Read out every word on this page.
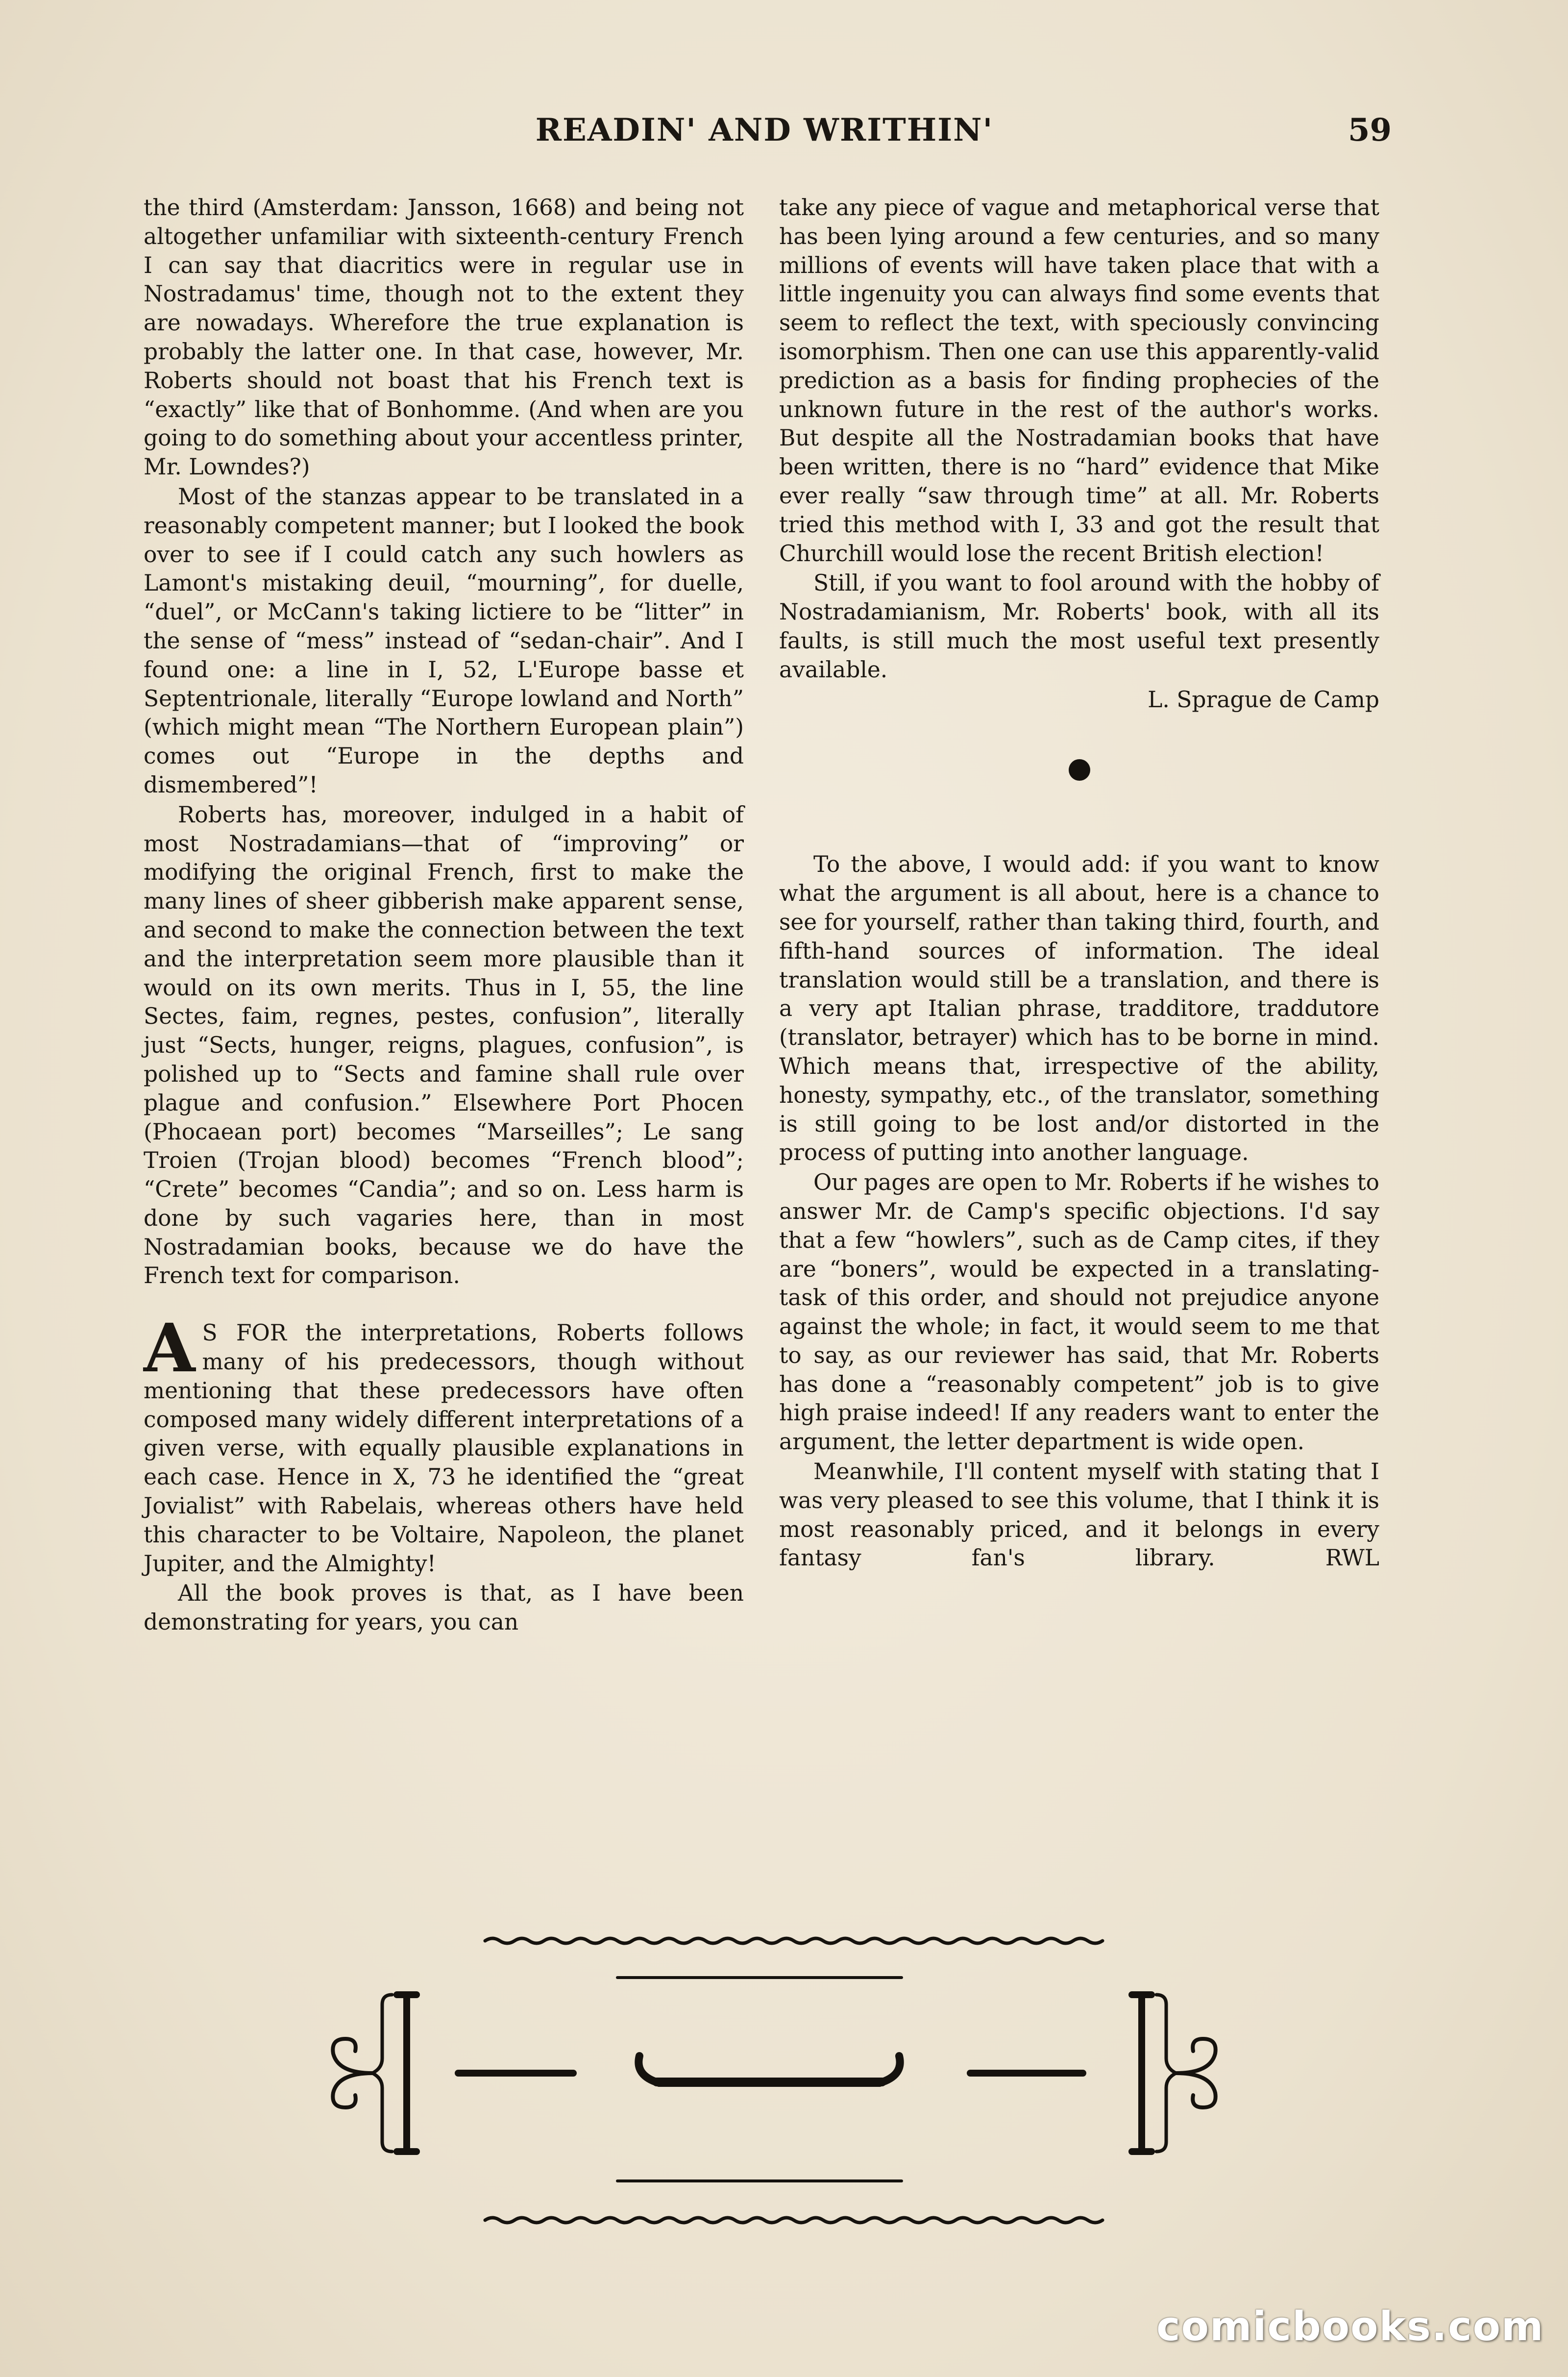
READIN' AND WRITHIN'	59

the third (Amsterdam: Jansson, 1668) and being not altogether unfamiliar with sixteenth-century French I can say that diacritics were in regular use in Nostradamus' time, though not to the extent they are nowadays. Wherefore the true explanation is probably the latter one. In that case, however, Mr. Roberts should not boast that his French text is “exactly” like that of Bonhomme. (And when are you going to do something about your accentless printer, Mr. Lowndes?)

Most of the stanzas appear to be translated in a reasonably competent manner; but I looked the book over to see if I could catch any such howlers as Lamont's mistaking deuil, “mourning”, for duelle, “duel”, or McCann's taking lictiere to be “litter” in the sense of “mess” instead of “sedan-chair”. And I found one: a line in I, 52, L'Europe basse et Septentrionale, literally “Europe lowland and North” (which might mean “The Northern European plain”) comes out “Europe in the depths and dismembered”!

Roberts has, moreover, indulged in a habit of most Nostradamians—that of “improving” or modifying the original French, first to make the many lines of sheer gibberish make apparent sense, and second to make the connection between the text and the interpretation seem more plausible than it would on its own merits. Thus in I, 55, the line Sectes, faim, regnes, pestes, confusion”, literally just “Sects, hunger, reigns, plagues, confusion”, is polished up to “Sects and famine shall rule over plague and confusion.” Elsewhere Port Phocen (Phocaean port) becomes “Marseilles”; Le sang Troien (Trojan blood) becomes “French blood”; “Crete” becomes “Candia”; and so on. Less harm is done by such vagaries here, than in most Nostradamian books, because we do have the French text for comparison.

A S FOR the interpretations, Roberts follows many of his predecessors, though without mentioning that these predecessors have often composed many widely different interpretations of a given verse, with equally plausible explanations in each case. Hence in X, 73 he identified the “great Jovialist” with Rabelais, whereas others have held this character to be Voltaire, Napoleon, the planet Jupiter, and the Almighty!

All the book proves is that, as I have been demonstrating for years, you can

take any piece of vague and metaphorical verse that has been lying around a few centuries, and so many millions of events will have taken place that with a little ingenuity you can always find some events that seem to reflect the text, with speciously convincing isomorphism. Then one can use this apparently-valid prediction as a basis for finding prophecies of the unknown future in the rest of the author's works. But despite all the Nostradamian books that have been written, there is no “hard” evidence that Mike ever really “saw through time” at all. Mr. Roberts tried this method with I, 33 and got the result that Churchill would lose the recent British election!

Still, if you want to fool around with the hobby of Nostradamianism, Mr. Roberts' book, with all its faults, is still much the most useful text presently available.

L. Sprague de Camp

To the above, I would add: if you want to know what the argument is all about, here is a chance to see for yourself, rather than taking third, fourth, and fifth-hand sources of information. The ideal translation would still be a translation, and there is a very apt Italian phrase, tradditore, traddutore (translator, betrayer) which has to be borne in mind. Which means that, irrespective of the ability, honesty, sympathy, etc., of the translator, something is still going to be lost and/or distorted in the process of putting into another language.

Our pages are open to Mr. Roberts if he wishes to answer Mr. de Camp's specific objections. I'd say that a few “howlers”, such as de Camp cites, if they are “boners”, would be expected in a translating-task of this order, and should not prejudice anyone against the whole; in fact, it would seem to me that to say, as our reviewer has said, that Mr. Roberts has done a “reasonably competent” job is to give high praise indeed! If any readers want to enter the argument, the letter department is wide open.

Meanwhile, I'll content myself with stating that I was very pleased to see this volume, that I think it is most reasonably priced, and it belongs in every fantasy fan's library.	RWL

comicbooks.com
